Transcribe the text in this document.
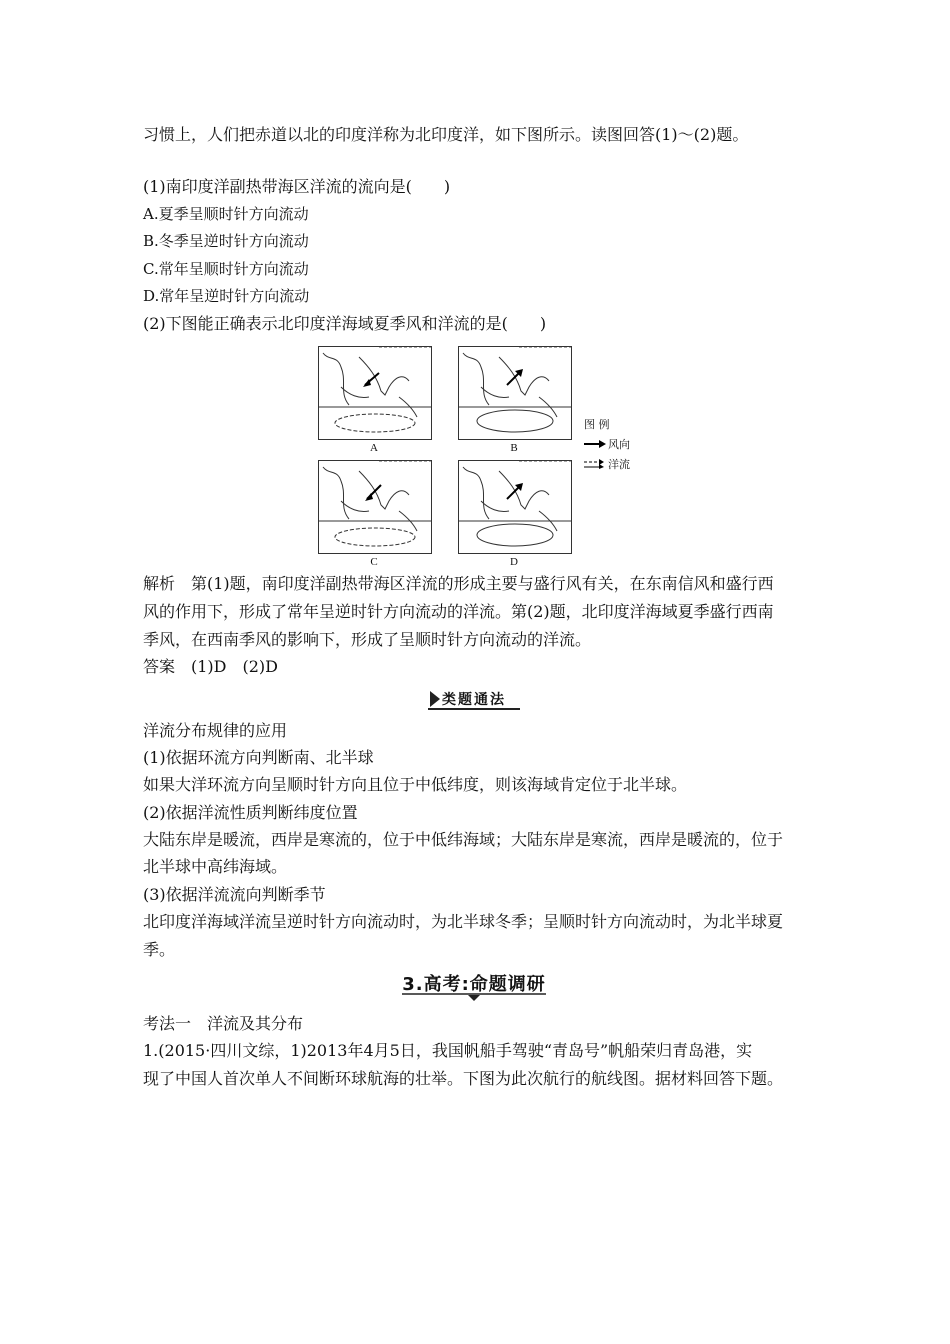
习惯上，人们把赤道以北的印度洋称为北印度洋，如下图所示。读图回答(1)～(2)题。
(1)南印度洋副热带海区洋流的流向是(　　)
A.夏季呈顺时针方向流动
B.冬季呈逆时针方向流动
C.常年呈顺时针方向流动
D.常年呈逆时针方向流动
(2)下图能正确表示北印度洋海域夏季风和洋流的是(　　)
A	B
C	D
图 例
风向
洋流
解析　第(1)题，南印度洋副热带海区洋流的形成主要与盛行风有关，在东南信风和盛行西
风的作用下，形成了常年呈逆时针方向流动的洋流。第(2)题，北印度洋海域夏季盛行西南
季风，在西南季风的影响下，形成了呈顺时针方向流动的洋流。
答案　(1)D　(2)D
类题通法
洋流分布规律的应用
(1)依据环流方向判断南、北半球
如果大洋环流方向呈顺时针方向且位于中低纬度，则该海域肯定位于北半球。
(2)依据洋流性质判断纬度位置
大陆东岸是暖流，西岸是寒流的，位于中低纬海域；大陆东岸是寒流，西岸是暖流的，位于
北半球中高纬海域。
(3)依据洋流流向判断季节
北印度洋海域洋流呈逆时针方向流动时，为北半球冬季；呈顺时针方向流动时，为北半球夏
季。
3.高考:命题调研
考法一　洋流及其分布
1.(2015·四川文综，1)2013年4月5日，我国帆船手驾驶“青岛号”帆船荣归青岛港，实
现了中国人首次单人不间断环球航海的壮举。下图为此次航行的航线图。据材料回答下题。
